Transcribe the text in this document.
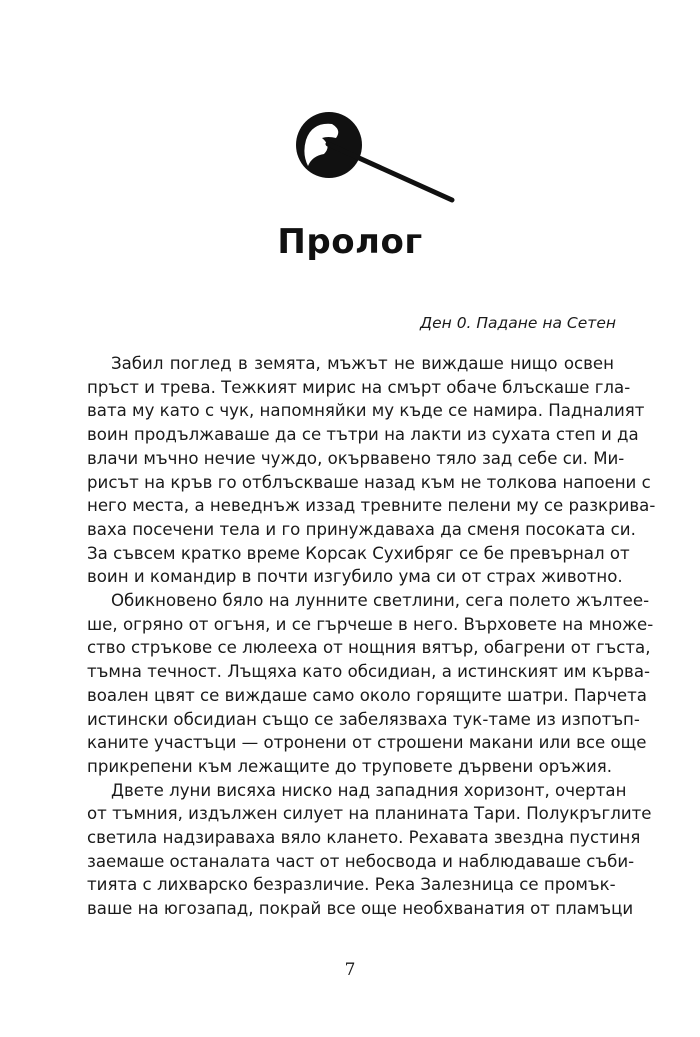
Пролог
Ден 0. Падане на Сетен
Забил поглед в земята, мъжът не виждаше нищо освен
пръст и трева. Тежкият мирис на смърт обаче блъскаше гла-
вата му като с чук, напомняйки му къде се намира. Падналият
воин продължаваше да се тътри на лакти из сухата степ и да
влачи мъчно нечие чуждо, окървавено тяло зад себе си. Ми-
рисът на кръв го отблъскваше назад към не толкова напоени с
него места, а неведнъж иззад тревните пелени му се разкрива-
ваха посечени тела и го принуждаваха да сменя посоката си.
За съвсем кратко време Корсак Сухибряг се бе превърнал от
воин и командир в почти изгубило ума си от страх животно.
Обикновено бяло на лунните светлини, сега полето жълтее-
ше, огряно от огъня, и се гърчеше в него. Върховете на множе-
ство стръкове се люлееха от нощния вятър, обагрени от гъста,
тъмна течност. Лъщяха като обсидиан, а истинският им кърва-
воален цвят се виждаше само около горящите шатри. Парчета
истински обсидиан също се забелязваха тук-таме из изпотъп-
каните участъци — отронени от строшени макани или все още
прикрепени към лежащите до труповете дървени оръжия.
Двете луни висяха ниско над западния хоризонт, очертан
от тъмния, издължен силует на планината Тари. Полукръглите
светила надзираваха вяло кланeто. Рехавата звездна пустиня
заемаше останалата част от небосвода и наблюдаваше съби-
тията с лихварско безразличие. Река Залезница се промък-
ваше на югозапад, покрай все още необхванатия от пламъци
7
